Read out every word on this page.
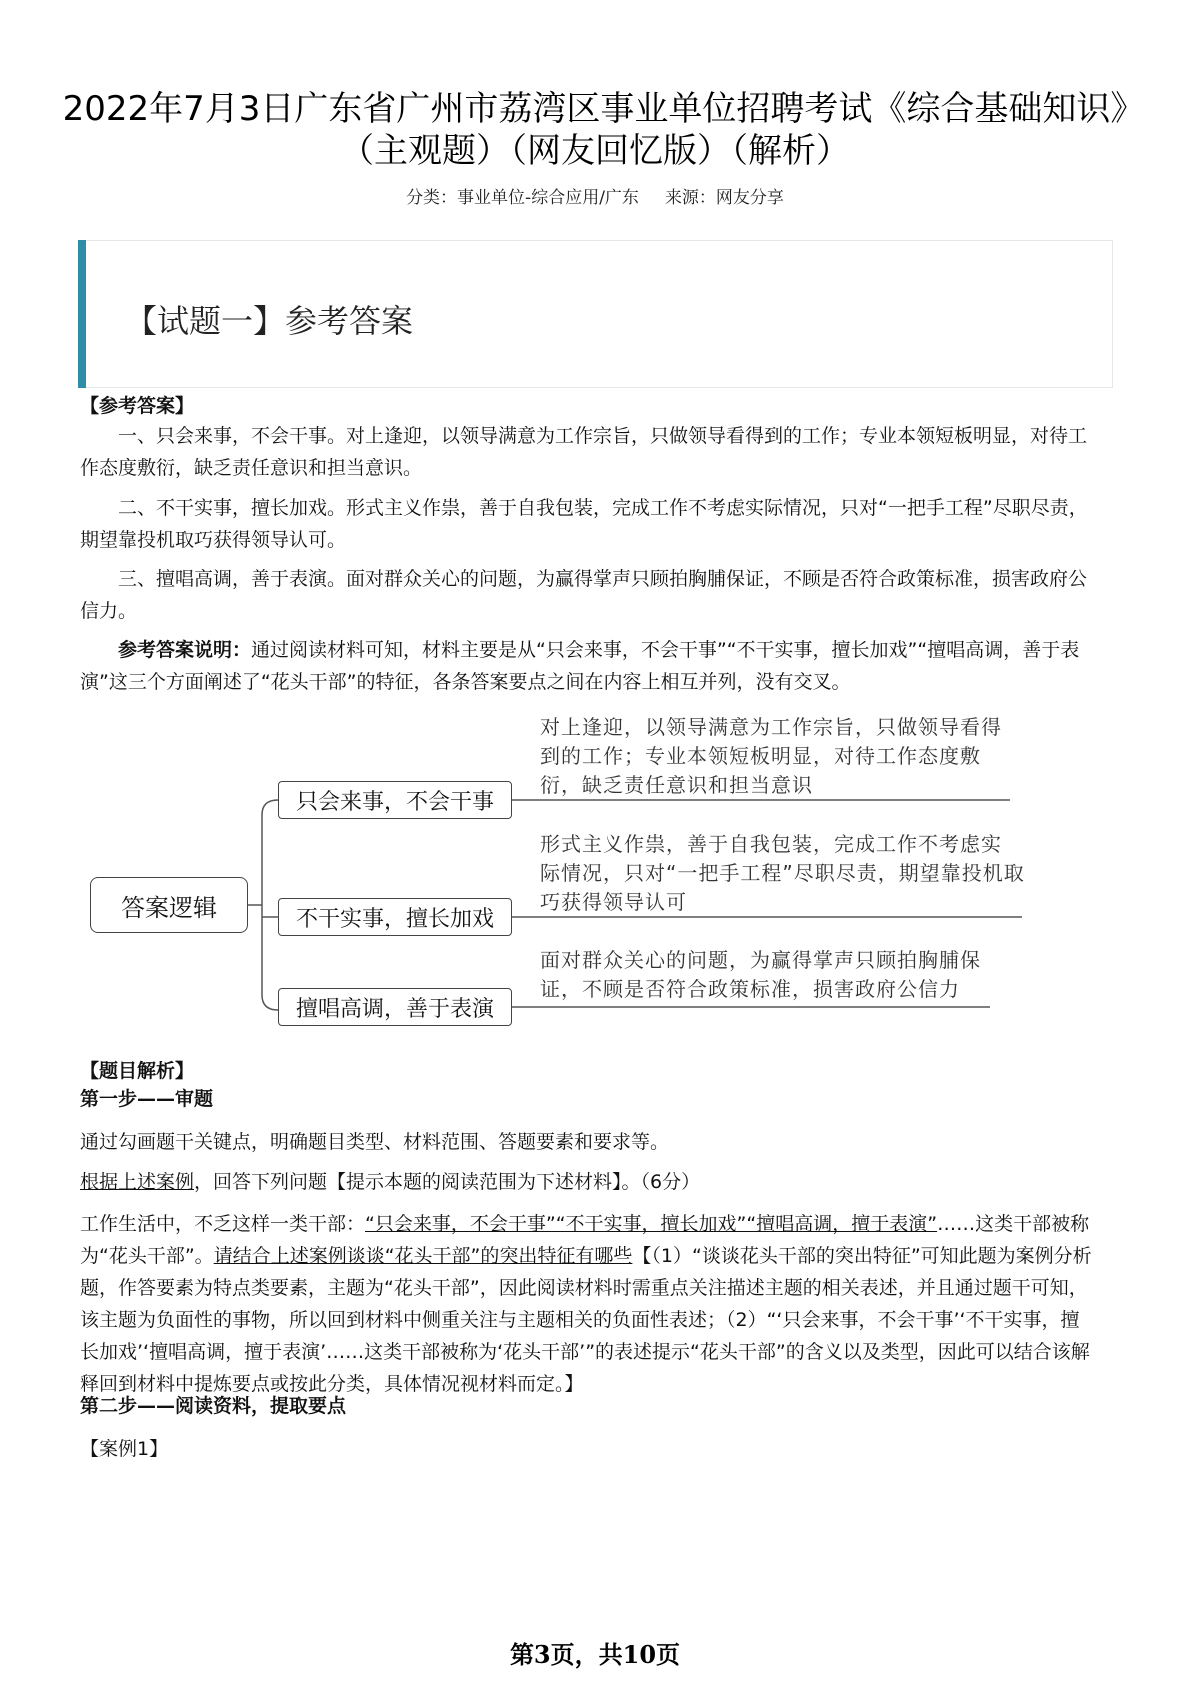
2022年7月3日广东省广州市荔湾区事业单位招聘考试《综合基础知识》（主观题）（网友回忆版）（解析）
分类：事业单位-综合应用/广东 来源：网友分享
【试题一】参考答案
【参考答案】
一、只会来事，不会干事。对上逢迎，以领导满意为工作宗旨，只做领导看得到的工作；专业本领短板明显，对待工作态度敷衍，缺乏责任意识和担当意识。
二、不干实事，擅长加戏。形式主义作祟，善于自我包装，完成工作不考虑实际情况，只对“一把手工程”尽职尽责，期望靠投机取巧获得领导认可。
三、擅唱高调，善于表演。面对群众关心的问题，为赢得掌声只顾拍胸脯保证，不顾是否符合政策标准，损害政府公信力。
参考答案说明：通过阅读材料可知，材料主要是从“只会来事，不会干事”“不干实事，擅长加戏”“擅唱高调，善于表演”这三个方面阐述了“花头干部”的特征，各条答案要点之间在内容上相互并列，没有交叉。
答案逻辑
只会来事，不会干事
不干实事，擅长加戏
擅唱高调，善于表演
对上逢迎，以领导满意为工作宗旨，只做领导看得
到的工作；专业本领短板明显，对待工作态度敷
衍，缺乏责任意识和担当意识
形式主义作祟，善于自我包装，完成工作不考虑实
际情况，只对“一把手工程”尽职尽责，期望靠投机取
巧获得领导认可
面对群众关心的问题，为赢得掌声只顾拍胸脯保
证，不顾是否符合政策标准，损害政府公信力
【题目解析】
第一步——审题
通过勾画题干关键点，明确题目类型、材料范围、答题要素和要求等。
根据上述案例，回答下列问题【提示本题的阅读范围为下述材料】。（6分）
工作生活中，不乏这样一类干部：“只会来事，不会干事”“不干实事，擅长加戏”“擅唱高调，擅于表演”……这类干部被称为“花头干部”。请结合上述案例谈谈“花头干部”的突出特征有哪些【（1）“谈谈花头干部的突出特征”可知此题为案例分析题，作答要素为特点类要素，主题为“花头干部”，因此阅读材料时需重点关注描述主题的相关表述，并且通过题干可知，该主题为负面性的事物，所以回到材料中侧重关注与主题相关的负面性表述；（2）“‘只会来事，不会干事’‘不干实事，擅长加戏’‘擅唱高调，擅于表演’……这类干部被称为‘花头干部’”的表述提示“花头干部”的含义以及类型，因此可以结合该解释回到材料中提炼要点或按此分类，具体情况视材料而定。】
第二步——阅读资料，提取要点
【案例1】
第3页，共10页
